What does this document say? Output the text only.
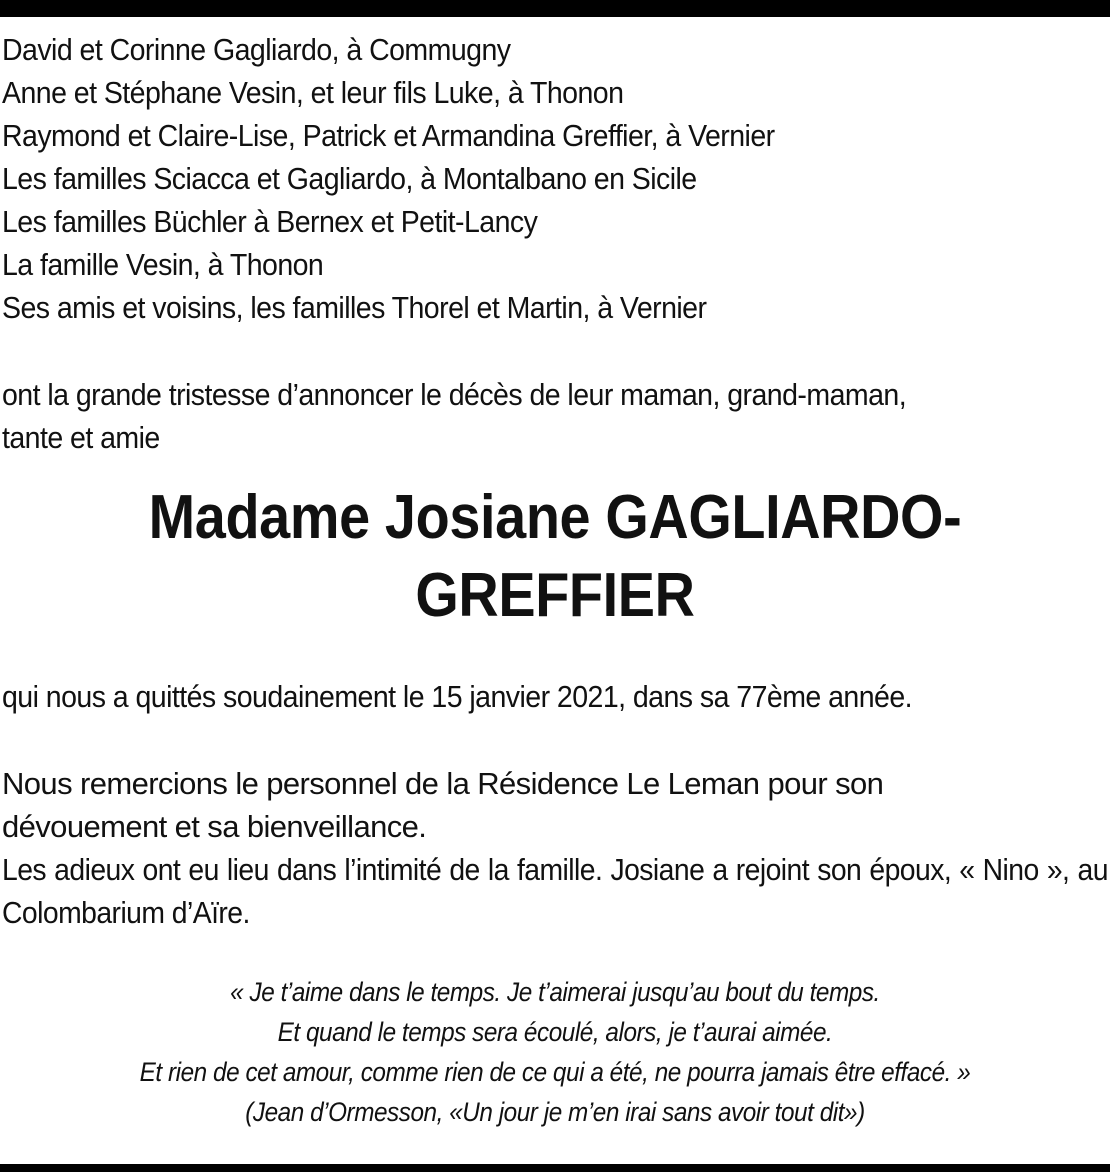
David et Corinne Gagliardo, à Commugny
Anne et Stéphane Vesin, et leur fils Luke, à Thonon
Raymond et Claire-Lise, Patrick et Armandina Greffier, à Vernier
Les familles Sciacca et Gagliardo, à Montalbano en Sicile
Les familles Büchler à Bernex et Petit-Lancy
La famille Vesin, à Thonon
Ses amis et voisins, les familles Thorel et Martin, à Vernier
ont la grande tristesse d’annoncer le décès de leur maman, grand-maman,
tante et amie
Madame Josiane GAGLIARDO-
GREFFIER
qui nous a quittés soudainement le 15 janvier 2021, dans sa 77ème année.
Nous remercions le personnel de la Résidence Le Leman pour son dévouement et sa bienveillance.
Les adieux ont eu lieu dans l’intimité de la famille. Josiane a rejoint son époux, « Nino », au Colombarium d’Aïre.
« Je t’aime dans le temps. Je t’aimerai jusqu’au bout du temps.
Et quand le temps sera écoulé, alors, je t’aurai aimée.
Et rien de cet amour, comme rien de ce qui a été, ne pourra jamais être effacé. »
(Jean d’Ormesson, «Un jour je m’en irai sans avoir tout dit»)
